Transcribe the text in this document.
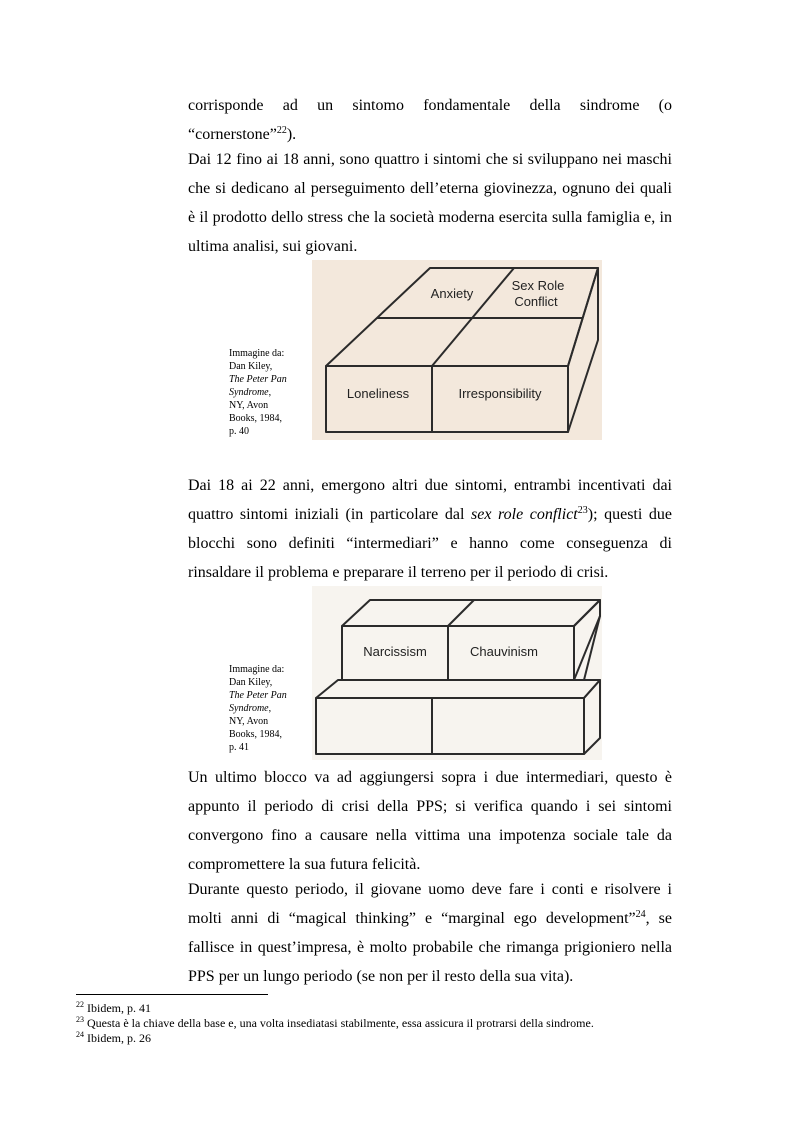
corrisponde ad un sintomo fondamentale della sindrome (o
“cornerstone”$^{22}$).
Dai 12 fino ai 18 anni, sono quattro i sintomi che si sviluppano nei maschi
che si dedicano al perseguimento dell’eterna giovinezza, ognuno dei quali
è il prodotto dello stress che la società moderna esercita sulla famiglia e, in
ultima analisi, sui giovani.
Anxiety
Sex Role
Conflict
Loneliness	Irresponsibility
Immagine da:
Dan Kiley,
The Peter Pan
Syndrome,
NY, Avon
Books, 1984,
p. 40
Dai 18 ai 22 anni, emergono altri due sintomi, entrambi incentivati dai
quattro sintomi iniziali (in particolare dal sex role conflict$^{23}$); questi due
blocchi sono definiti “intermediari” e hanno come conseguenza di
rinsaldare il problema e preparare il terreno per il periodo di crisi.
Narcissism	Chauvinism
Immagine da:
Dan Kiley,
The Peter Pan
Syndrome,
NY, Avon
Books, 1984,
p. 41
Un ultimo blocco va ad aggiungersi sopra i due intermediari, questo è
appunto il periodo di crisi della PPS; si verifica quando i sei sintomi
convergono fino a causare nella vittima una impotenza sociale tale da
compromettere la sua futura felicità.
Durante questo periodo, il giovane uomo deve fare i conti e risolvere i
molti anni di “magical thinking” e “marginal ego development”$^{24}$, se
fallisce in quest’impresa, è molto probabile che rimanga prigioniero nella
PPS per un lungo periodo (se non per il resto della sua vita).
$^{22}$ Ibidem, p. 41
$^{23}$ Questa è la chiave della base e, una volta insediatasi stabilmente, essa assicura il protrarsi della sindrome.
$^{24}$ Ibidem, p. 26
